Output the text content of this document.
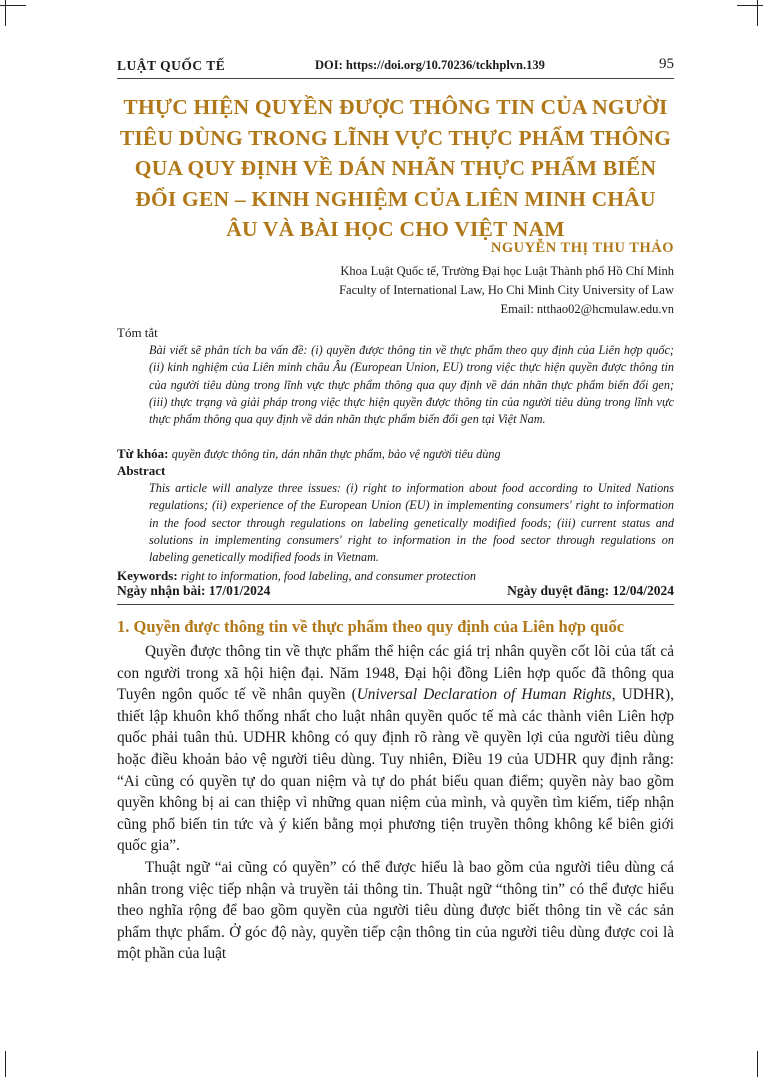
LUẬT QUỐC TẾ	DOI: https://doi.org/10.70236/tckhplvn.139	95
THỰC HIỆN QUYỀN ĐƯỢC THÔNG TIN CỦA NGƯỜI TIÊU DÙNG TRONG LĨNH VỰC THỰC PHẨM THÔNG QUA QUY ĐỊNH VỀ DÁN NHÃN THỰC PHẨM BIẾN ĐỔI GEN – KINH NGHIỆM CỦA LIÊN MINH CHÂU ÂU VÀ BÀI HỌC CHO VIỆT NAM
NGUYỄN THỊ THU THẢO
Khoa Luật Quốc tế, Trường Đại học Luật Thành phố Hồ Chí Minh
Faculty of International Law, Ho Chi Minh City University of Law
Email: ntthao02@hcmulaw.edu.vn
Tóm tắt
Bài viết sẽ phân tích ba vấn đề: (i) quyền được thông tin về thực phẩm theo quy định của Liên hợp quốc; (ii) kinh nghiệm của Liên minh châu Âu (European Union, EU) trong việc thực hiện quyền được thông tin của người tiêu dùng trong lĩnh vực thực phẩm thông qua quy định về dán nhãn thực phẩm biến đổi gen; (iii) thực trạng và giải pháp trong việc thực hiện quyền được thông tin của người tiêu dùng trong lĩnh vực thực phẩm thông qua quy định về dán nhãn thực phẩm biến đổi gen tại Việt Nam.
Từ khóa: quyền được thông tin, dán nhãn thực phẩm, bảo vệ người tiêu dùng
Abstract
This article will analyze three issues: (i) right to information about food according to United Nations regulations; (ii) experience of the European Union (EU) in implementing consumers' right to information in the food sector through regulations on labeling genetically modified foods; (iii) current status and solutions in implementing consumers' right to information in the food sector through regulations on labeling genetically modified foods in Vietnam.
Keywords: right to information, food labeling, and consumer protection
Ngày nhận bài: 17/01/2024	Ngày duyệt đăng: 12/04/2024
1. Quyền được thông tin về thực phẩm theo quy định của Liên hợp quốc

Quyền được thông tin về thực phẩm thể hiện các giá trị nhân quyền cốt lõi của tất cả con người trong xã hội hiện đại. Năm 1948, Đại hội đồng Liên hợp quốc đã thông qua Tuyên ngôn quốc tế về nhân quyền (Universal Declaration of Human Rights, UDHR), thiết lập khuôn khổ thống nhất cho luật nhân quyền quốc tế mà các thành viên Liên hợp quốc phải tuân thủ. UDHR không có quy định rõ ràng về quyền lợi của người tiêu dùng hoặc điều khoản bảo vệ người tiêu dùng. Tuy nhiên, Điều 19 của UDHR quy định rằng: “Ai cũng có quyền tự do quan niệm và tự do phát biểu quan điểm; quyền này bao gồm quyền không bị ai can thiệp vì những quan niệm của mình, và quyền tìm kiếm, tiếp nhận cũng phổ biến tin tức và ý kiến bằng mọi phương tiện truyền thông không kể biên giới quốc gia”.

Thuật ngữ “ai cũng có quyền” có thể được hiểu là bao gồm của người tiêu dùng cá nhân trong việc tiếp nhận và truyền tải thông tin. Thuật ngữ “thông tin” có thể được hiểu theo nghĩa rộng để bao gồm quyền của người tiêu dùng được biết thông tin về các sản phẩm thực phẩm. Ở góc độ này, quyền tiếp cận thông tin của người tiêu dùng được coi là một phần của luật
